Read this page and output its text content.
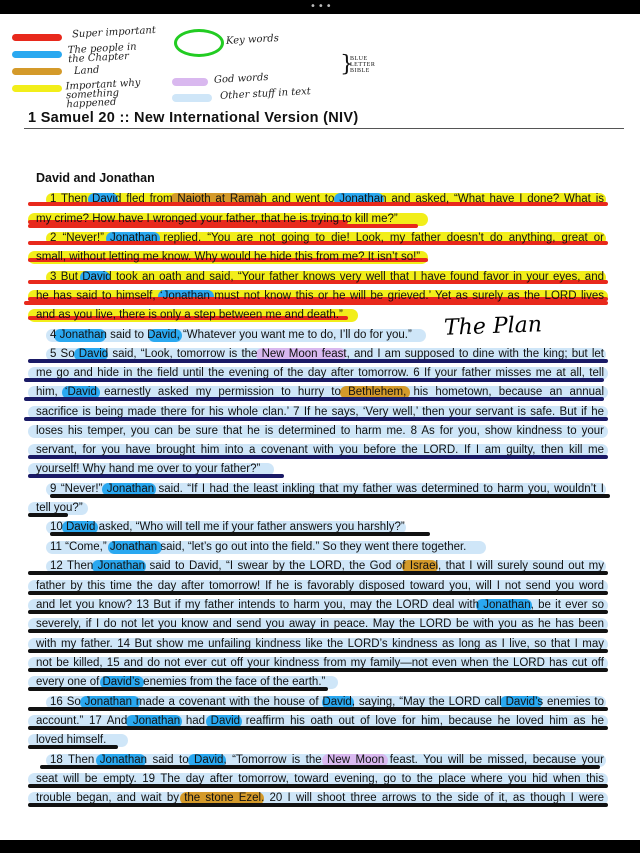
•••
Super important
The people in the Chapter
Land
Important why something happened
Key words
God words
Other stuff in text
}
BLUE
LETTER
BIBLE
1 Samuel 20 :: New International Version (NIV)
David and Jonathan
1 Then David fled from Naioth at Ramah and went to Jonathan and asked, “What have I done? What is
my crime? How have I wronged your father, that he is trying to kill me?”
2 “Never!” Jonathan replied. “You are not going to die! Look, my father doesn’t do anything, great or
small, without letting me know. Why would he hide this from me? It isn’t so!”
3 But David took an oath and said, “Your father knows very well that I have found favor in your eyes, and
he has said to himself, ‘Jonathan must not know this or he will be grieved.’ Yet as surely as the LORD lives
and as you live, there is only a step between me and death.”
4 Jonathan said to David, “Whatever you want me to do, I’ll do for you.”
5 So David said, “Look, tomorrow is the New Moon feast, and I am supposed to dine with the king; but let
me go and hide in the field until the evening of the day after tomorrow. 6 If your father misses me at all, tell
him, ‘David earnestly asked my permission to hurry to Bethlehem, his hometown, because an annual
sacrifice is being made there for his whole clan.’ 7 If he says, ‘Very well,’ then your servant is safe. But if he
loses his temper, you can be sure that he is determined to harm me. 8 As for you, show kindness to your
servant, for you have brought him into a covenant with you before the LORD. If I am guilty, then kill me
yourself! Why hand me over to your father?”
9 “Never!” Jonathan said. “If I had the least inkling that my father was determined to harm you, wouldn’t I
tell you?”
10 David asked, “Who will tell me if your father answers you harshly?”
11 “Come,” Jonathan said, “let’s go out into the field.” So they went there together.
12 Then Jonathan said to David, “I swear by the LORD, the God of Israel, that I will surely sound out my
father by this time the day after tomorrow! If he is favorably disposed toward you, will I not send you word
and let you know? 13 But if my father intends to harm you, may the LORD deal with Jonathan, be it ever so
severely, if I do not let you know and send you away in peace. May the LORD be with you as he has been
with my father. 14 But show me unfailing kindness like the LORD’s kindness as long as I live, so that I may
not be killed, 15 and do not ever cut off your kindness from my family—not even when the LORD has cut off
every one of David’s enemies from the face of the earth.”
16 So Jonathan made a covenant with the house of David, saying, “May the LORD call David’s enemies to
account.” 17 And Jonathan had David reaffirm his oath out of love for him, because he loved him as he
loved himself.
18 Then Jonathan said to David, “Tomorrow is the New Moon feast. You will be missed, because your
seat will be empty. 19 The day after tomorrow, toward evening, go to the place where you hid when this
trouble began, and wait by the stone Ezel. 20 I will shoot three arrows to the side of it, as though I were
The Plan
